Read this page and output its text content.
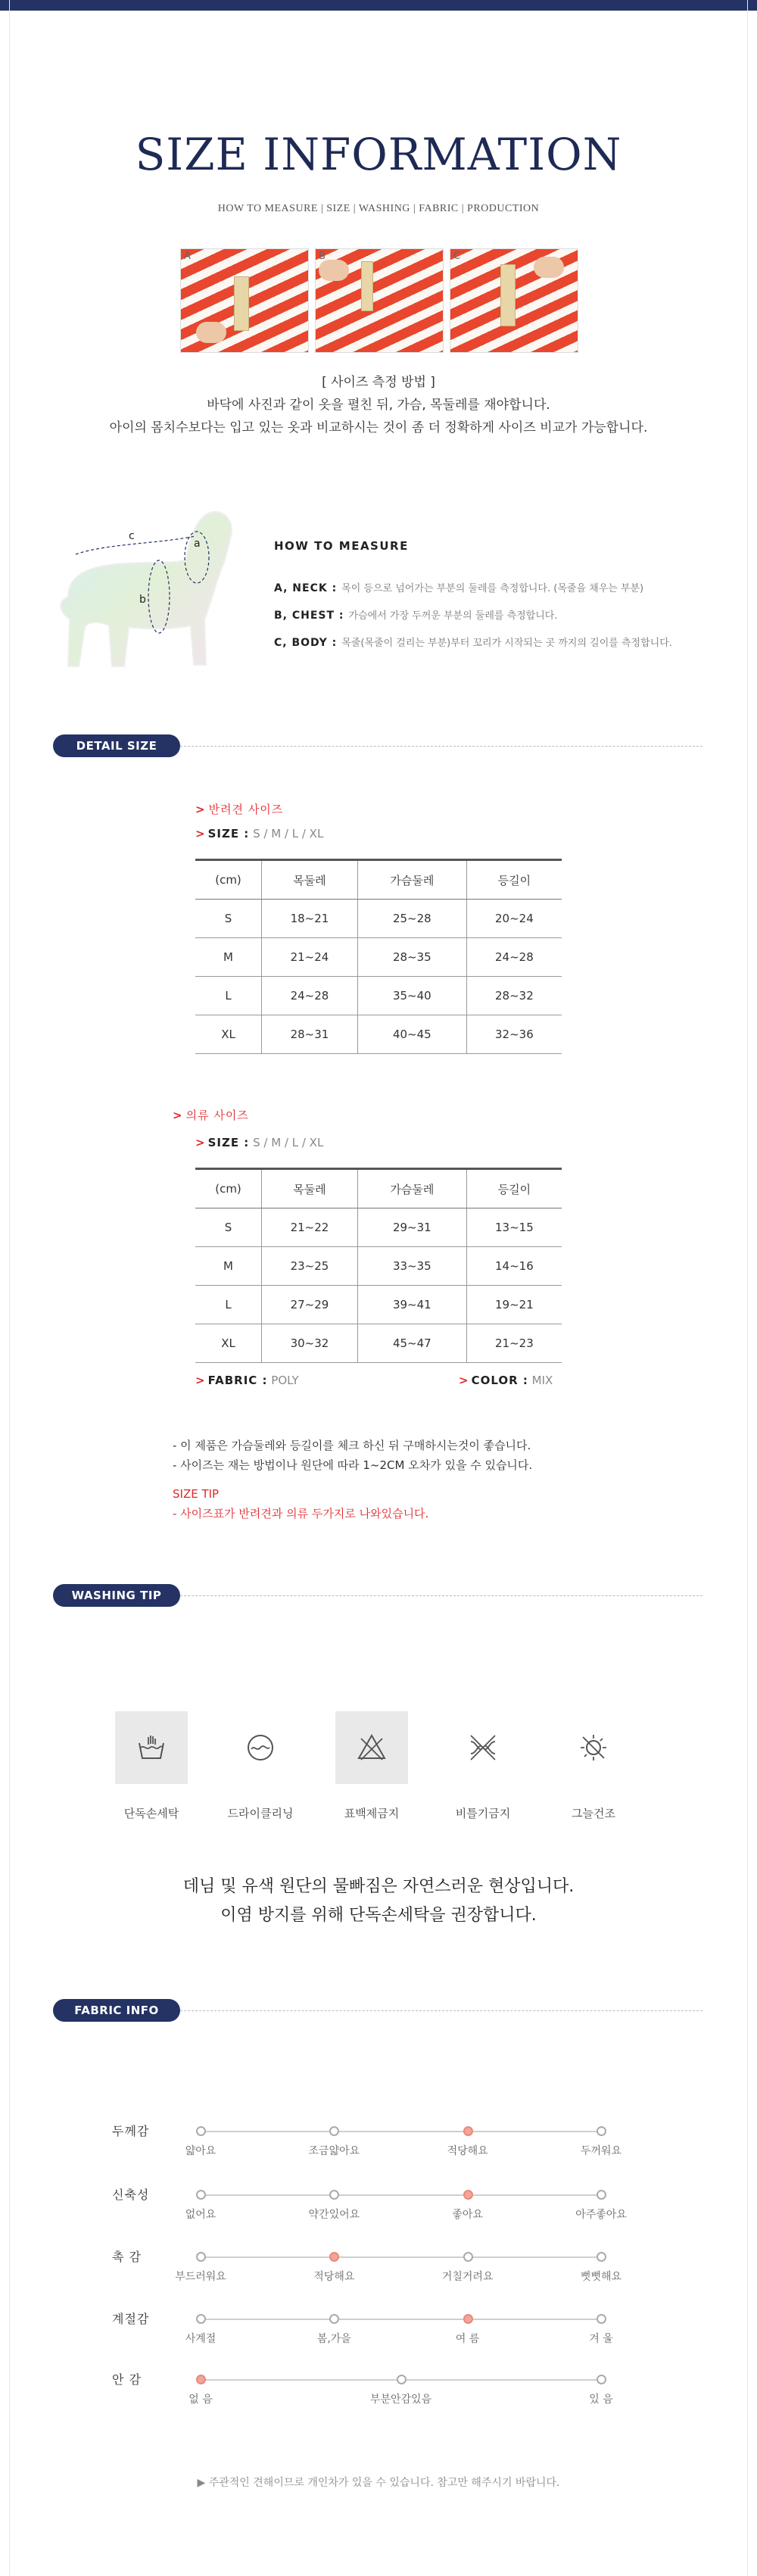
SIZE INFORMATION
HOW TO MEASURE | SIZE | WASHING | FABRIC | PRODUCTION
A	B	C
[ 사이즈 측정 방법 ]
바닥에 사진과 같이 옷을 펼친 뒤, 가슴, 목둘레를 재야합니다.
아이의 몸치수보다는 입고 있는 옷과 비교하시는 것이 좀 더 정확하게 사이즈 비교가 가능합니다.
a
b
c
HOW TO MEASURE
A, NECK : 목이 등으로 넘어가는 부분의 둘레를 측정합니다. (목줄을 채우는 부분)
B, CHEST : 가슴에서 가장 두꺼운 부분의 둘레를 측정합니다.
C, BODY : 목줄(목줄이 걸리는 부분)부터 꼬리가 시작되는 곳 까지의 길이를 측정합니다.
DETAIL SIZE
> 반려견 사이즈
> SIZE : S / M / L / XL
(cm)	목둘레	가슴둘레	등길이
S	18~21	25~28	20~24
M	21~24	28~35	24~28
L	24~28	35~40	28~32
XL	28~31	40~45	32~36
> 의류 사이즈
> SIZE : S / M / L / XL
(cm)	목둘레	가슴둘레	등길이
S	21~22	29~31	13~15
M	23~25	33~35	14~16
L	27~29	39~41	19~21
XL	30~32	45~47	21~23
> FABRIC : POLY	> COLOR : MIX
- 이 제품은 가슴둘레와 등길이를 체크 하신 뒤 구매하시는것이 좋습니다.
- 사이즈는 재는 방법이나 원단에 따라 1~2CM 오차가 있을 수 있습니다.
SIZE TIP
- 사이즈표가 반려견과 의류 두가지로 나와있습니다.
WASHING TIP
단독손세탁	드라이클리닝	표백제금지	비틀기금지	그늘건조
데님 및 유색 원단의 물빠짐은 자연스러운 현상입니다.
이염 방지를 위해 단독손세탁을 권장합니다.
FABRIC INFO
두께감
얇아요	조금얇아요	적당해요	두꺼워요
신축성
없어요	약간있어요	좋아요	아주좋아요
촉 감
부드러워요	적당해요	거칠거려요	뻣뻣해요
계절감
사계절	봄,가을	여 름	겨 울
안 감
없 음	부분안감있음	있 음
▶ 주관적인 견해이므로 개인차가 있을 수 있습니다. 참고만 해주시기 바랍니다.
